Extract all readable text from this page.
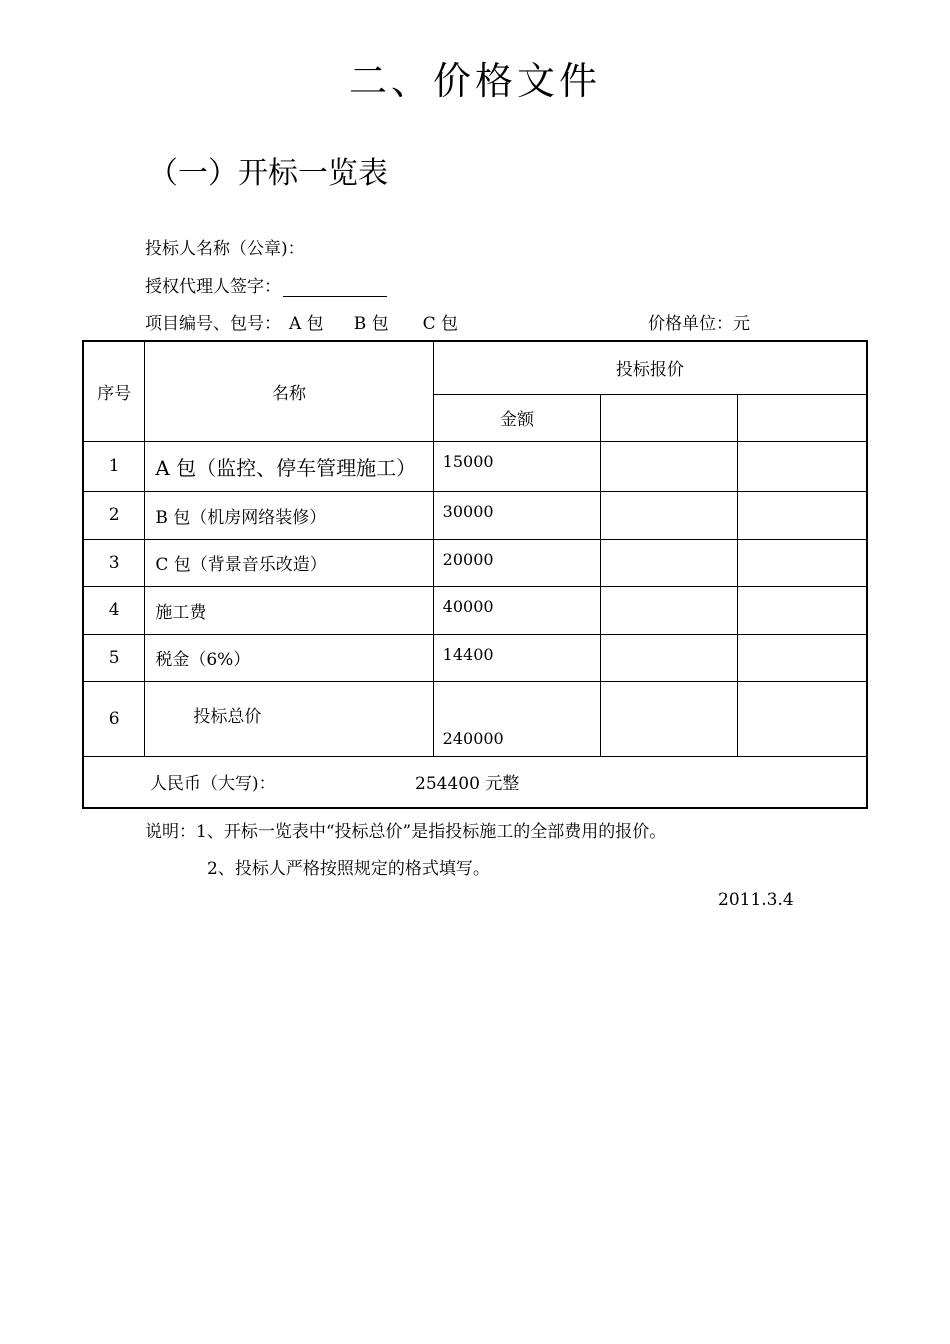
二、价格文件
（一）开标一览表
投标人名称（公章)：
授权代理人签字：
项目编号、包号： A 包 B 包 C 包	价格单位：元
序号	名称	投标报价		
		金额		
1	A 包（监控、停车管理施工）	15000		
2	B 包（机房网络装修）	30000		
3	C 包（背景音乐改造）	20000		
4	施工费	40000		
5	税金（6%）	14400		
6	投标总价	240000		
人民币（大写)： 254400 元整				
说明：1、开标一览表中“投标总价”是指投标施工的全部费用的报价。
2、投标人严格按照规定的格式填写。
2011.3.4
